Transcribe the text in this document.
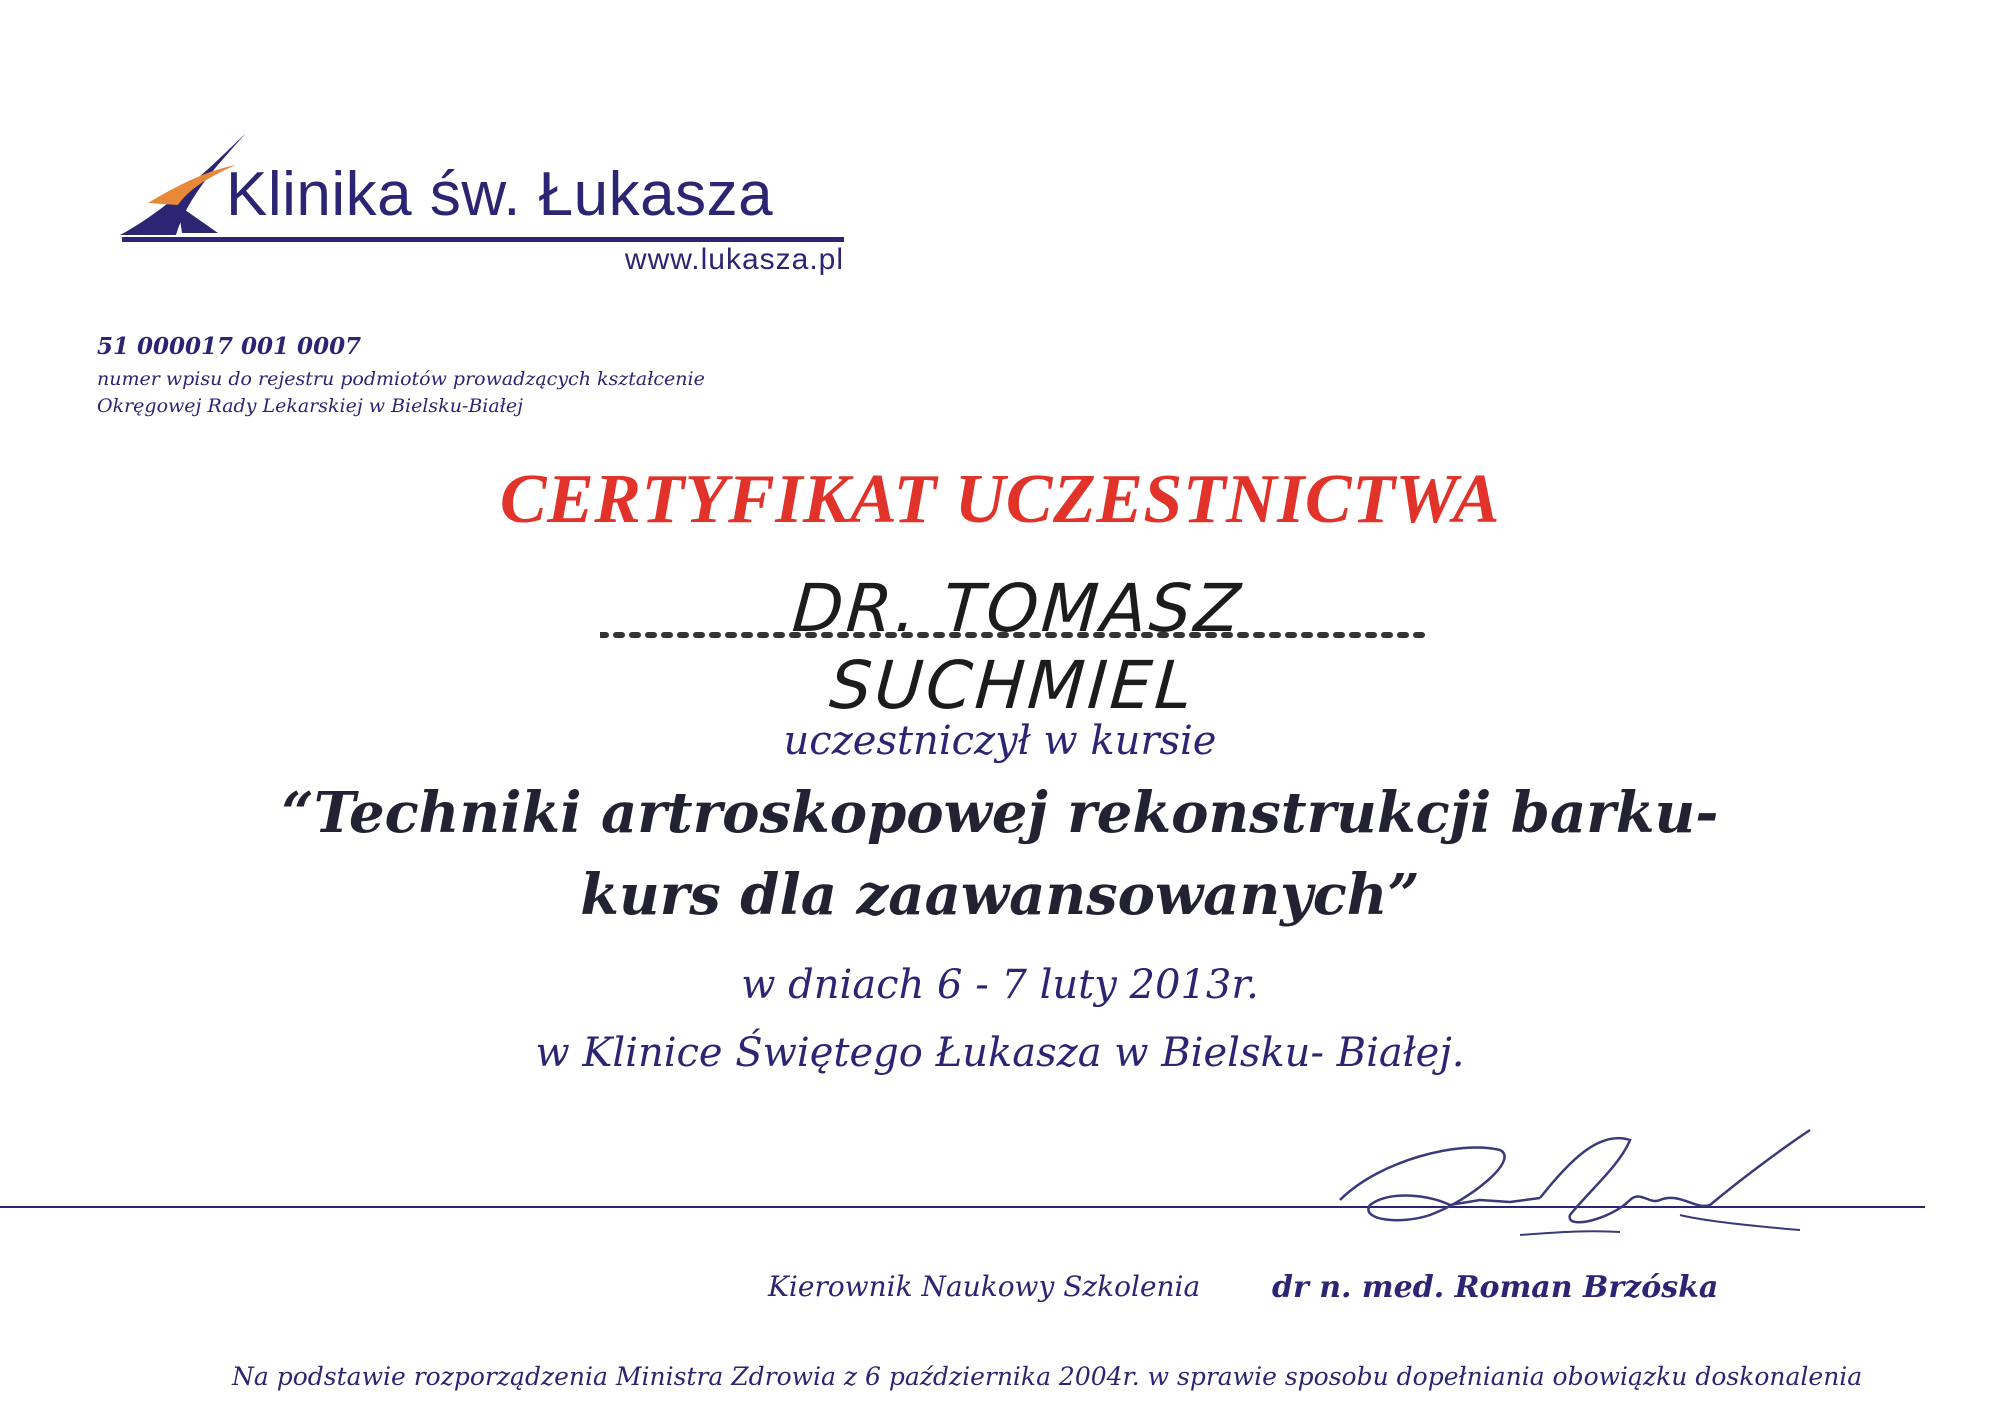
Klinika św. Łukasza
www.lukasza.pl
51 000017 001 0007
numer wpisu do rejestru podmiotów prowadzących kształcenie
Okręgowej Rady Lekarskiej w Bielsku-Białej
CERTYFIKAT UCZESTNICTWA
DR. TOMASZ SUCHMIEL
uczestniczył w kursie
“Techniki artroskopowej rekonstrukcji barku-
kurs dla zaawansowanych”
w dniach 6 - 7 luty 2013r.
w Klinice Świętego Łukasza w Bielsku- Białej.
Kierownik Naukowy Szkolenia dr n. med. Roman Brzóska
Na podstawie rozporządzenia Ministra Zdrowia z 6 października 2004r. w sprawie sposobu dopełniania obowiązku doskonalenia
